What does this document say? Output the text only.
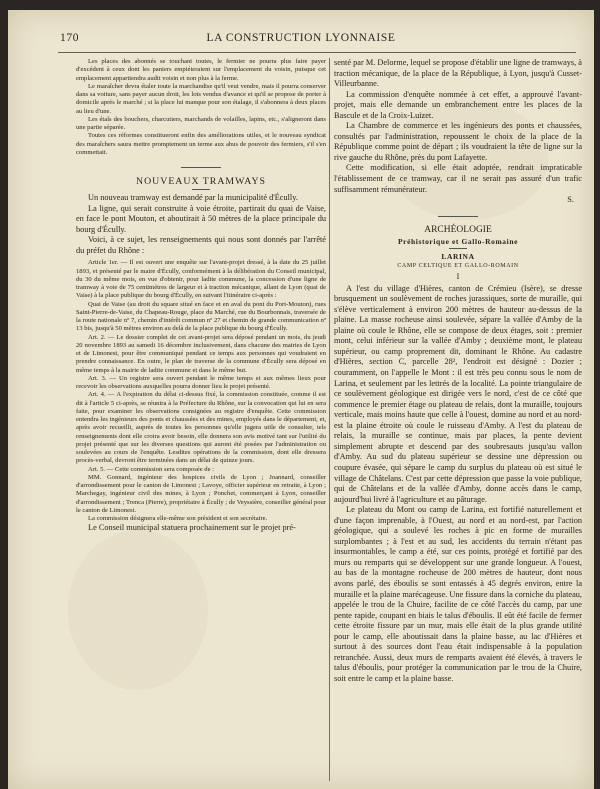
170	LA CONSTRUCTION LYONNAISE

Les places des abonnés se touchant toutes, le fermier ne pourra plus faire payer d'excédent à ceux dont les paniers empiéteraient sur l'emplacement du voisin, puisque cet emplacement appartiendra audit voisin et non plus à la ferme.

Le maraîcher devra étaler toute la marchandise qu'il veut vendre, mais il pourra conserver dans sa voiture, sans payer aucun droit, les lots vendus d'avance et qu'il se propose de porter à domicile après le marché ; si la place lui manque pour son étalage, il s'abonnera à deux places au lieu d'une.

Les étals des bouchers, charcutiers, marchands de volailles, lapins, etc., s'aligneront dans une partie séparée.

Toutes ces réformes constitueront enfin des améliorations utiles, et le nouveau syndicat des maraîchers saura mettre promptement un terme aux abus de pouvoir des fermiers, s'il s'en commettait.

NOUVEAUX TRAMWAYS

Un nouveau tramway est demandé par la municipalité d'Écully.

La ligne, qui serait construite à voie étroite, partirait du quai de Vaise, en face le pont Mouton, et aboutirait à 50 mètres de la place principale du bourg d'Écully.

Voici, à ce sujet, les renseignements qui nous sont donnés par l'arrêté du préfet du Rhône :

Article 1er. — Il est ouvert une enquête sur l'avant-projet dressé, à la date du 25 juillet 1893, et présenté par le maire d'Écully, conformément à la délibération du Conseil municipal, du 30 du même mois, en vue d'obtenir, pour ladite commune, la concession d'une ligne de tramway à voie de 75 centimètres de largeur et à traction mécanique, allant de Lyon (quai de Vaise) à la place publique du bourg d'Écully, en suivant l'itinéraire ci-après :

Quai de Vaise (au droit du square situé en face et en aval du pont du Port-Mouton), rues Saint-Pierre-de-Vaise, du Chapeau-Rouge, place du Marché, rue du Bourbonnais, traversée de la route nationale nº 7, chemin d'intérêt commun nº 27 et chemin de grande communication nº 13 bis, jusqu'à 50 mètres environ au delà de la place publique du bourg d'Écully.

Art. 2. — Le dossier complet de cet avant-projet sera déposé pendant un mois, du jeudi 20 novembre 1893 au samedi 16 décembre inclusivement, dans chacune des mairies de Lyon et de Limonest, pour être communiqué pendant ce temps aux personnes qui voudraient en prendre connaissance. En outre, le plan de traverse de la commune d'Écully sera déposé en même temps à la mairie de ladite commune et dans le même but.

Art. 3. — Un registre sera ouvert pendant le même temps et aux mêmes lieux pour recevoir les observations auxquelles pourra donner lieu le projet présenté.

Art. 4. — A l'expiration du délai ci-dessus fixé, la commission constituée, comme il est dit à l'article 5 ci-après, se réunira à la Préfecture du Rhône, sur la convocation qui lui en sera faite, pour examiner les observations consignées au registre d'enquête. Cette commission entendra les ingénieurs des ponts et chaussées et des mines, employés dans le département, et, après avoir recueilli, auprès de toutes les personnes qu'elle jugera utile de consulter, tels renseignements dont elle croira avoir besoin, elle donnera son avis motivé tant sur l'utilité du projet présenté que sur les diverses questions qui auront été posées par l'administration ou soulevées au cours de l'enquête. Lesdites opérations de la commission, dont elle dressera procès-verbal, devront être terminées dans un délai de quinze jours.

Art. 5. — Cette commission sera composée de :

MM. Gonnard, ingénieur des hospices civils de Lyon ; Joannard, conseiller d'arrondissement pour le canton de Limonest ; Lavoye, officier supérieur en retraite, à Lyon ; Marchegay, ingénieur civil des mines, à Lyon ; Ponchet, commerçant à Lyon, conseiller d'arrondissement ; Trenca (Pierre), propriétaire à Écully ; de Veyssière, conseiller général pour le canton de Limonest.

La commission désignera elle-même son président et son secrétaire.

Le Conseil municipal statuera prochainement sur le projet pré-

senté par M. Delorme, lequel se propose d'établir une ligne de tramways, à traction mécanique, de la place de la République, à Lyon, jusqu'à Cusset-Villeurbanne.

La commission d'enquête nommée à cet effet, a approuvé l'avant-projet, mais elle demande un embranchement entre les places de la Bascule et de la Croix-Luizet.

La Chambre de commerce et les ingénieurs des ponts et chaussées, consultés par l'administration, repoussent le choix de la place de la République comme point de départ ; ils voudraient la tête de ligne sur la rive gauche du Rhône, près du pont Lafayette.

Cette modification, si elle était adoptée, rendrait impraticable l'établissement de ce tramway, car il ne serait pas assuré d'un trafic suffisamment rémunérateur.

S.

ARCHÉOLOGIE
Préhistorique et Gallo-Romaine
LARINA
CAMP CELTIQUE ET GALLO-ROMAIN
I

A l'est du village d'Hières, canton de Crémieu (Isère), se dresse brusquement un soulèvement de roches jurassiques, sorte de muraille, qui s'élève verticalement à environ 200 mètres de hauteur au-dessus de la plaine. La masse rocheuse ainsi soulevée, sépare la vallée d'Amby de la plaine où coule le Rhône, elle se compose de deux étages, soit : premier mont, celui inférieur sur la vallée d'Amby ; deuxième mont, le plateau supérieur, ou camp proprement dit, dominant le Rhône. Au cadastre d'Hières, section C, parcelle 28², l'endroit est désigné : Dozier ; couramment, on l'appelle le Mont : il est très peu connu sous le nom de Larina, et seulement par les lettrés de la localité. La pointe triangulaire de ce soulèvement géologique est dirigée vers le nord, c'est de ce côté que commence le premier étage ou plateau de relais, dont la muraille, toujours verticale, mais moins haute que celle à l'ouest, domine au nord et au nord-est la plaine étroite où coule le ruisseau d'Amby. A l'est du plateau de relais, la muraille se continue, mais par places, la pente devient simplement abrupte et descend par des soubresauts jusqu'au vallon d'Amby. Au sud du plateau supérieur se dessine une dépression ou coupure évasée, qui sépare le camp du surplus du plateau où est situé le village de Châtelans. C'est par cette dépression que passe la voie publique, qui de Châtelans et de la vallée d'Amby, donne accès dans le camp, aujourd'hui livré à l'agriculture et au pâturage.

Le plateau du Mont ou camp de Larina, est fortifié naturellement et d'une façon imprenable, à l'Ouest, au nord et au nord-est, par l'action géologique, qui a soulevé les roches à pic en forme de murailles surplombantes ; à l'est et au sud, les accidents du terrain n'étant pas insurmontables, le camp a été, sur ces points, protégé et fortifié par des murs ou remparts qui se développent sur une grande longueur. A l'ouest, au bas de la montagne rocheuse de 200 mètres de hauteur, dont nous avons parlé, des éboulis se sont entassés à 45 degrés environ, entre la muraille et la plaine marécageuse. Une fissure dans la corniche du plateau, appelée le trou de la Chuire, facilite de ce côté l'accès du camp, par une pente rapide, coupant en biais le talus d'éboulis. Il eût été facile de fermer cette étroite fissure par un mur, mais elle était de la plus grande utilité pour le camp, elle aboutissait dans la plaine basse, au lac d'Hières et surtout à des sources dont l'eau était indispensable à la population retranchée. Aussi, deux murs de remparts avaient été élevés, à travers le talus d'éboulis, pour protéger la communication par le trou de la Chuire, soit entre le camp et la plaine basse.
